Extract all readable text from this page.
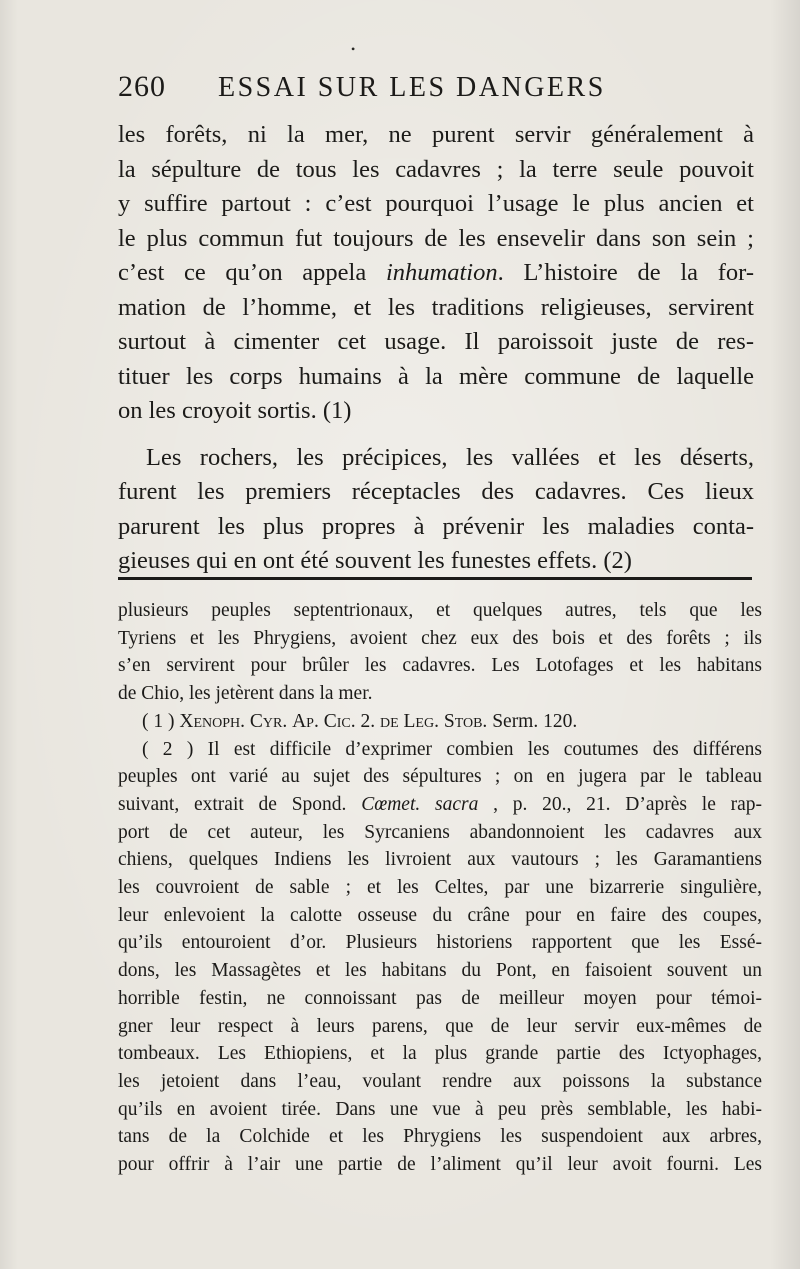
•
260 ESSAI SUR LES DANGERS
les forêts, ni la mer, ne purent servir généralement à
la sépulture de tous les cadavres ; la terre seule pouvoit
y suffire partout : c’est pourquoi l’usage le plus ancien et
le plus commun fut toujours de les ensevelir dans son sein ;
c’est ce qu’on appela inhumation. L’histoire de la for-
mation de l’homme, et les traditions religieuses, servirent
surtout à cimenter cet usage. Il paroissoit juste de res-
tituer les corps humains à la mère commune de laquelle
on les croyoit sortis. (1)
Les rochers, les précipices, les vallées et les déserts,
furent les premiers réceptacles des cadavres. Ces lieux
parurent les plus propres à prévenir les maladies conta-
gieuses qui en ont été souvent les funestes effets. (2)
plusieurs peuples septentrionaux, et quelques autres, tels que les
Tyriens et les Phrygiens, avoient chez eux des bois et des forêts ; ils
s’en servirent pour brûler les cadavres. Les Lotofages et les habitans
de Chio, les jetèrent dans la mer.
( 1 ) Xenoph. Cyr. Ap. Cic. 2. de Leg. Stob. Serm. 120.
( 2 ) Il est difficile d’exprimer combien les coutumes des différens
peuples ont varié au sujet des sépultures ; on en jugera par le tableau
suivant, extrait de Spond. Cœmet. sacra , p. 20., 21. D’après le rap-
port de cet auteur, les Syrcaniens abandonnoient les cadavres aux
chiens, quelques Indiens les livroient aux vautours ; les Garamantiens
les couvroient de sable ; et les Celtes, par une bizarrerie singulière,
leur enlevoient la calotte osseuse du crâne pour en faire des coupes,
qu’ils entouroient d’or. Plusieurs historiens rapportent que les Essé-
dons, les Massagètes et les habitans du Pont, en faisoient souvent un
horrible festin, ne connoissant pas de meilleur moyen pour témoi-
gner leur respect à leurs parens, que de leur servir eux-mêmes de
tombeaux. Les Ethiopiens, et la plus grande partie des Ictyophages,
les jetoient dans l’eau, voulant rendre aux poissons la substance
qu’ils en avoient tirée. Dans une vue à peu près semblable, les habi-
tans de la Colchide et les Phrygiens les suspendoient aux arbres,
pour offrir à l’air une partie de l’aliment qu’il leur avoit fourni. Les
